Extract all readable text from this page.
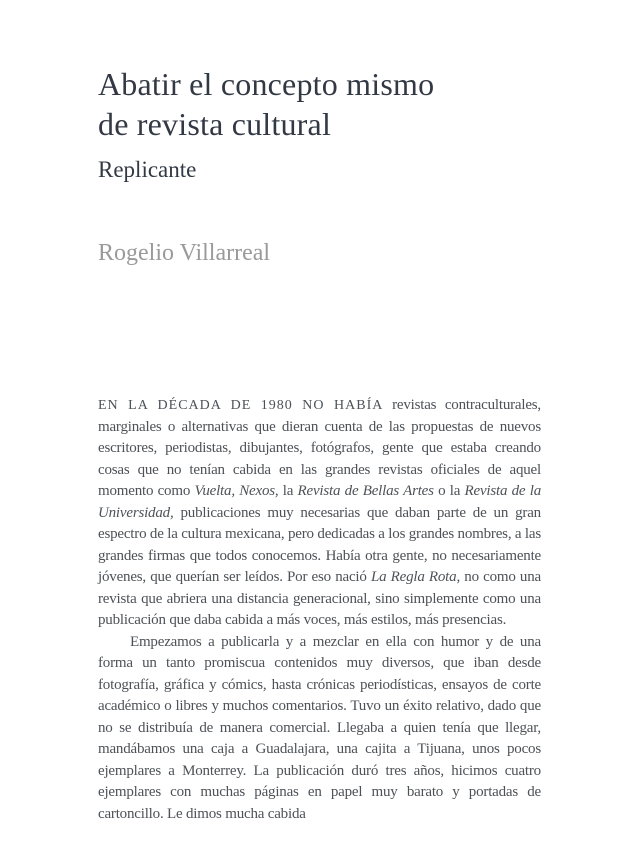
Abatir el concepto mismo
de revista cultural
Replicante
Rogelio Villarreal

EN LA DÉCADA DE 1980 NO HABÍA revistas contraculturales, marginales o alternativas que dieran cuenta de las propuestas de nuevos escritores, periodistas, dibujantes, fotógrafos, gente que estaba creando cosas que no tenían cabida en las grandes revistas oficiales de aquel momento como Vuelta, Nexos, la Revista de Bellas Artes o la Revista de la Universidad, publicaciones muy necesarias que daban parte de un gran espectro de la cultura mexicana, pero dedicadas a los grandes nombres, a las grandes firmas que todos conocemos. Había otra gente, no necesariamente jóvenes, que querían ser leídos. Por eso nació La Regla Rota, no como una revista que abriera una distancia generacional, sino simplemente como una publicación que daba cabida a más voces, más estilos, más presencias.

Empezamos a publicarla y a mezclar en ella con humor y de una forma un tanto promiscua contenidos muy diversos, que iban desde fotografía, gráfica y cómics, hasta crónicas periodísticas, ensayos de corte académico o libres y muchos comentarios. Tuvo un éxito relativo, dado que no se distribuía de manera comercial. Llegaba a quien tenía que llegar, mandábamos una caja a Guadalajara, una cajita a Tijuana, unos pocos ejemplares a Monterrey. La publicación duró tres años, hicimos cuatro ejemplares con muchas páginas en papel muy barato y portadas de cartoncillo. Le dimos mucha cabida
